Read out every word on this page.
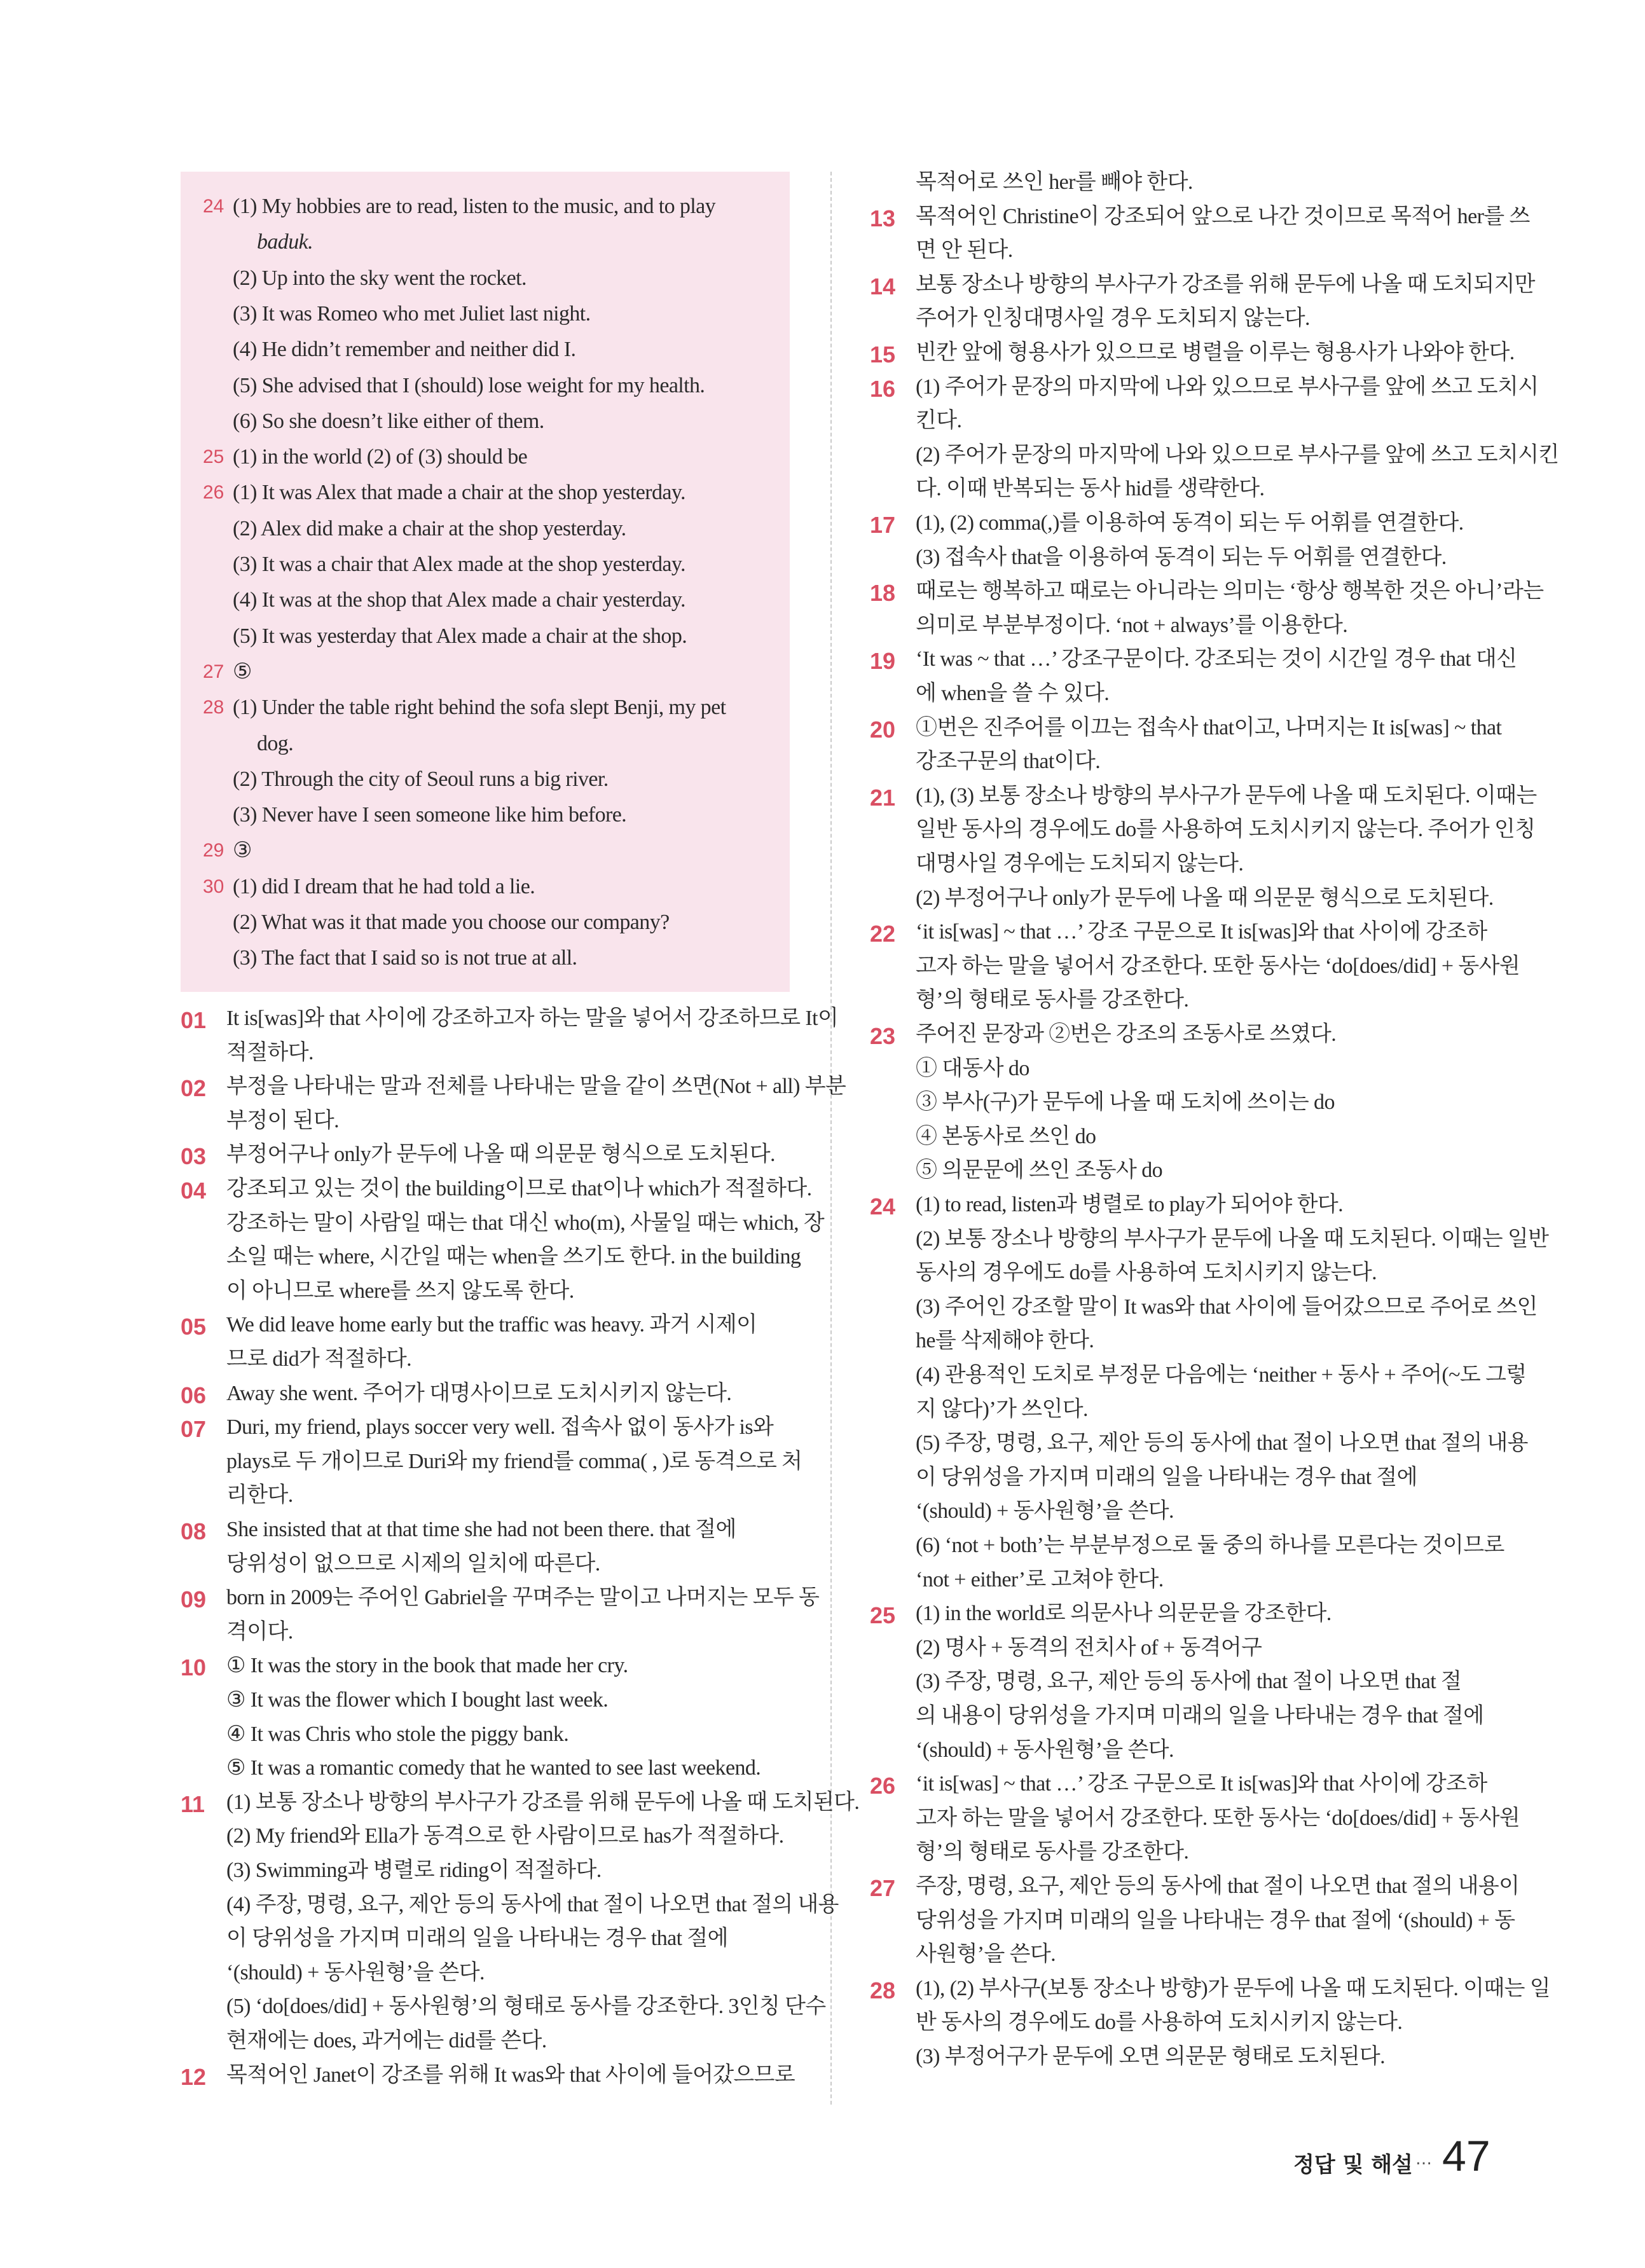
24 (1) My hobbies are to read, listen to the music, and to play
baduk.
(2) Up into the sky went the rocket.
(3) It was Romeo who met Juliet last night.
(4) He didn’t remember and neither did I.
(5) She advised that I (should) lose weight for my health.
(6) So she doesn’t like either of them.
25 (1) in the world (2) of (3) should be
26 (1) It was Alex that made a chair at the shop yesterday.
(2) Alex did make a chair at the shop yesterday.
(3) It was a chair that Alex made at the shop yesterday.
(4) It was at the shop that Alex made a chair yesterday.
(5) It was yesterday that Alex made a chair at the shop.
27 ⑤
28 (1) Under the table right behind the sofa slept Benji, my pet
dog.
(2) Through the city of Seoul runs a big river.
(3) Never have I seen someone like him before.
29 ③
30 (1) did I dream that he had told a lie.
(2) What was it that made you choose our company?
(3) The fact that I said so is not true at all.
01 It is[was]와 that 사이에 강조하고자 하는 말을 넣어서 강조하므로 It이
적절하다.
02 부정을 나타내는 말과 전체를 나타내는 말을 같이 쓰면(Not + all) 부분
부정이 된다.
03 부정어구나 only가 문두에 나올 때 의문문 형식으로 도치된다.
04 강조되고 있는 것이 the building이므로 that이나 which가 적절하다.
강조하는 말이 사람일 때는 that 대신 who(m), 사물일 때는 which, 장
소일 때는 where, 시간일 때는 when을 쓰기도 한다. in the building
이 아니므로 where를 쓰지 않도록 한다.
05 We did leave home early but the traffic was heavy. 과거 시제이
므로 did가 적절하다.
06 Away she went. 주어가 대명사이므로 도치시키지 않는다.
07 Duri, my friend, plays soccer very well. 접속사 없이 동사가 is와
plays로 두 개이므로 Duri와 my friend를 comma( , )로 동격으로 처
리한다.
08 She insisted that at that time she had not been there. that 절에
당위성이 없으므로 시제의 일치에 따른다.
09 born in 2009는 주어인 Gabriel을 꾸며주는 말이고 나머지는 모두 동
격이다.
10 ① It was the story in the book that made her cry.
③ It was the flower which I bought last week.
④ It was Chris who stole the piggy bank.
⑤ It was a romantic comedy that he wanted to see last weekend.
11 (1) 보통 장소나 방향의 부사구가 강조를 위해 문두에 나올 때 도치된다.
(2) My friend와 Ella가 동격으로 한 사람이므로 has가 적절하다.
(3) Swimming과 병렬로 riding이 적절하다.
(4) 주장, 명령, 요구, 제안 등의 동사에 that 절이 나오면 that 절의 내용
이 당위성을 가지며 미래의 일을 나타내는 경우 that 절에
‘(should) + 동사원형’을 쓴다.
(5) ‘do[does/did] + 동사원형’의 형태로 동사를 강조한다. 3인칭 단수
현재에는 does, 과거에는 did를 쓴다.
12 목적어인 Janet이 강조를 위해 It was와 that 사이에 들어갔으므로
목적어로 쓰인 her를 빼야 한다.
13 목적어인 Christine이 강조되어 앞으로 나간 것이므로 목적어 her를 쓰
면 안 된다.
14 보통 장소나 방향의 부사구가 강조를 위해 문두에 나올 때 도치되지만
주어가 인칭대명사일 경우 도치되지 않는다.
15 빈칸 앞에 형용사가 있으므로 병렬을 이루는 형용사가 나와야 한다.
16 (1) 주어가 문장의 마지막에 나와 있으므로 부사구를 앞에 쓰고 도치시
킨다.
(2) 주어가 문장의 마지막에 나와 있으므로 부사구를 앞에 쓰고 도치시킨
다. 이때 반복되는 동사 hid를 생략한다.
17 (1), (2) comma(,)를 이용하여 동격이 되는 두 어휘를 연결한다.
(3) 접속사 that을 이용하여 동격이 되는 두 어휘를 연결한다.
18 때로는 행복하고 때로는 아니라는 의미는 ‘항상 행복한 것은 아니’라는
의미로 부분부정이다. ‘not + always’를 이용한다.
19 ‘It was ~ that …’ 강조구문이다. 강조되는 것이 시간일 경우 that 대신
에 when을 쓸 수 있다.
20 ①번은 진주어를 이끄는 접속사 that이고, 나머지는 It is[was] ~ that
강조구문의 that이다.
21 (1), (3) 보통 장소나 방향의 부사구가 문두에 나올 때 도치된다. 이때는
일반 동사의 경우에도 do를 사용하여 도치시키지 않는다. 주어가 인칭
대명사일 경우에는 도치되지 않는다.
(2) 부정어구나 only가 문두에 나올 때 의문문 형식으로 도치된다.
22 ‘it is[was] ~ that …’ 강조 구문으로 It is[was]와 that 사이에 강조하
고자 하는 말을 넣어서 강조한다. 또한 동사는 ‘do[does/did] + 동사원
형’의 형태로 동사를 강조한다.
23 주어진 문장과 ②번은 강조의 조동사로 쓰였다.
① 대동사 do
③ 부사(구)가 문두에 나올 때 도치에 쓰이는 do
④ 본동사로 쓰인 do
⑤ 의문문에 쓰인 조동사 do
24 (1) to read, listen과 병렬로 to play가 되어야 한다.
(2) 보통 장소나 방향의 부사구가 문두에 나올 때 도치된다. 이때는 일반
동사의 경우에도 do를 사용하여 도치시키지 않는다.
(3) 주어인 강조할 말이 It was와 that 사이에 들어갔으므로 주어로 쓰인
he를 삭제해야 한다.
(4) 관용적인 도치로 부정문 다음에는 ‘neither + 동사 + 주어(~도 그렇
지 않다)’가 쓰인다.
(5) 주장, 명령, 요구, 제안 등의 동사에 that 절이 나오면 that 절의 내용
이 당위성을 가지며 미래의 일을 나타내는 경우 that 절에
‘(should) + 동사원형’을 쓴다.
(6) ‘not + both’는 부분부정으로 둘 중의 하나를 모른다는 것이므로
‘not + either’로 고쳐야 한다.
25 (1) in the world로 의문사나 의문문을 강조한다.
(2) 명사 + 동격의 전치사 of + 동격어구
(3) 주장, 명령, 요구, 제안 등의 동사에 that 절이 나오면 that 절
의 내용이 당위성을 가지며 미래의 일을 나타내는 경우 that 절에
‘(should) + 동사원형’을 쓴다.
26 ‘it is[was] ~ that …’ 강조 구문으로 It is[was]와 that 사이에 강조하
고자 하는 말을 넣어서 강조한다. 또한 동사는 ‘do[does/did] + 동사원
형’의 형태로 동사를 강조한다.
27 주장, 명령, 요구, 제안 등의 동사에 that 절이 나오면 that 절의 내용이
당위성을 가지며 미래의 일을 나타내는 경우 that 절에 ‘(should) + 동
사원형’을 쓴다.
28 (1), (2) 부사구(보통 장소나 방향)가 문두에 나올 때 도치된다. 이때는 일
반 동사의 경우에도 do를 사용하여 도치시키지 않는다.
(3) 부정어구가 문두에 오면 의문문 형태로 도치된다.
정답 및 해설 … 47
